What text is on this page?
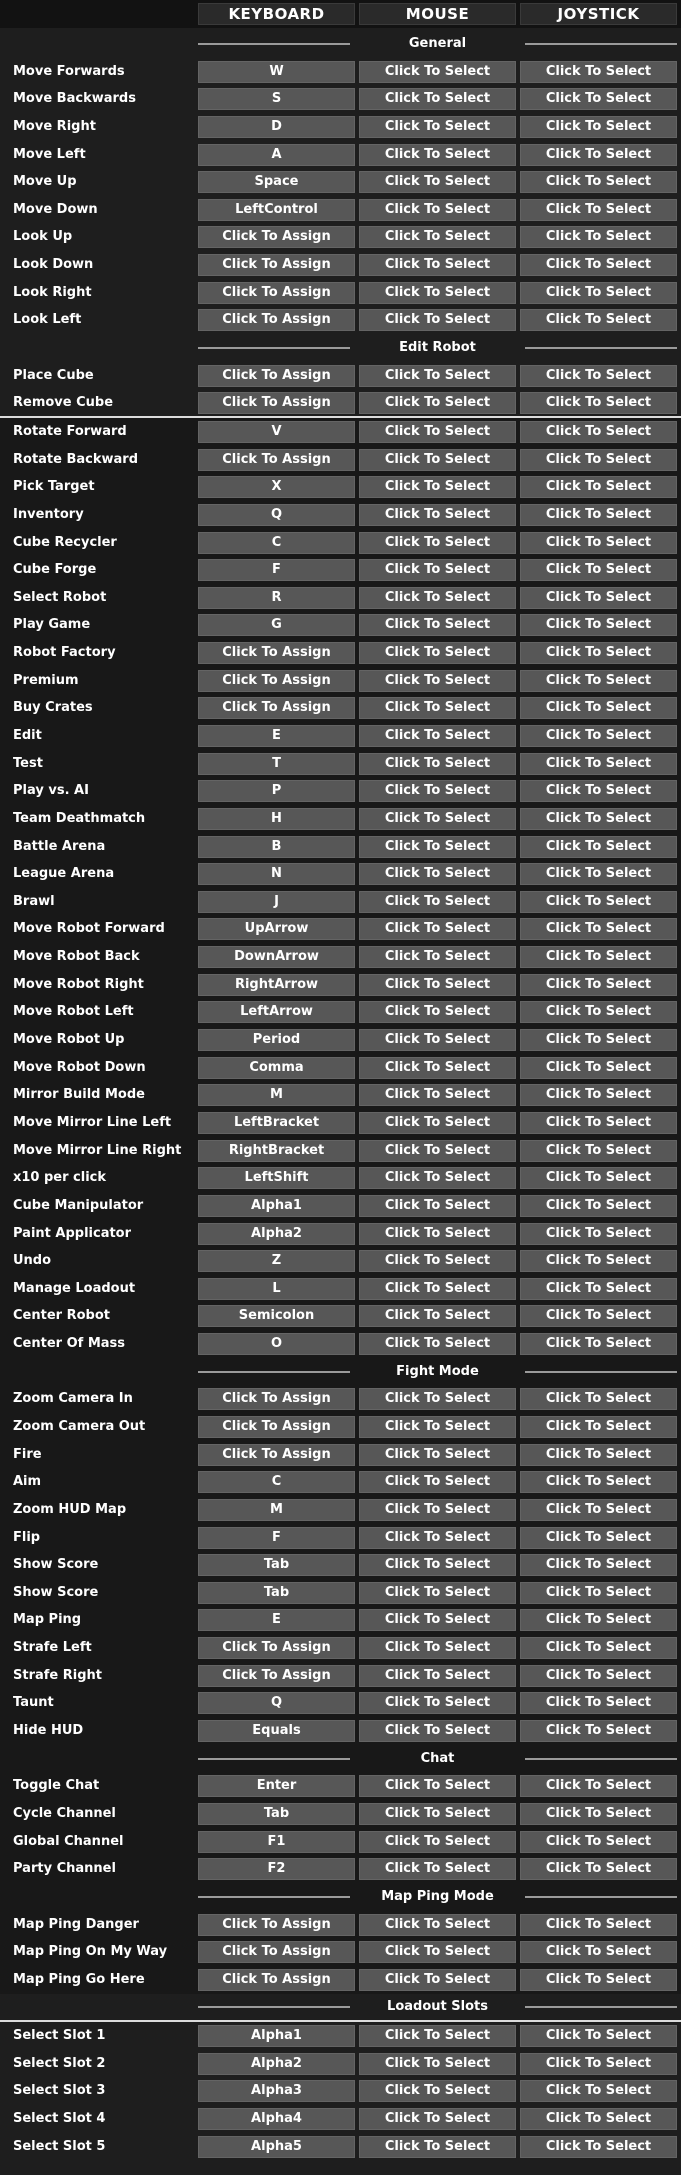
KEYBOARD	MOUSE	JOYSTICK
General
Move Forwards	W	Click To Select	Click To Select
Move Backwards	S	Click To Select	Click To Select
Move Right	D	Click To Select	Click To Select
Move Left	A	Click To Select	Click To Select
Move Up	Space	Click To Select	Click To Select
Move Down	LeftControl	Click To Select	Click To Select
Look Up	Click To Assign	Click To Select	Click To Select
Look Down	Click To Assign	Click To Select	Click To Select
Look Right	Click To Assign	Click To Select	Click To Select
Look Left	Click To Assign	Click To Select	Click To Select
Edit Robot
Place Cube	Click To Assign	Click To Select	Click To Select
Remove Cube	Click To Assign	Click To Select	Click To Select
Rotate Forward	V	Click To Select	Click To Select
Rotate Backward	Click To Assign	Click To Select	Click To Select
Pick Target	X	Click To Select	Click To Select
Inventory	Q	Click To Select	Click To Select
Cube Recycler	C	Click To Select	Click To Select
Cube Forge	F	Click To Select	Click To Select
Select Robot	R	Click To Select	Click To Select
Play Game	G	Click To Select	Click To Select
Robot Factory	Click To Assign	Click To Select	Click To Select
Premium	Click To Assign	Click To Select	Click To Select
Buy Crates	Click To Assign	Click To Select	Click To Select
Edit	E	Click To Select	Click To Select
Test	T	Click To Select	Click To Select
Play vs. AI	P	Click To Select	Click To Select
Team Deathmatch	H	Click To Select	Click To Select
Battle Arena	B	Click To Select	Click To Select
League Arena	N	Click To Select	Click To Select
Brawl	J	Click To Select	Click To Select
Move Robot Forward	UpArrow	Click To Select	Click To Select
Move Robot Back	DownArrow	Click To Select	Click To Select
Move Robot Right	RightArrow	Click To Select	Click To Select
Move Robot Left	LeftArrow	Click To Select	Click To Select
Move Robot Up	Period	Click To Select	Click To Select
Move Robot Down	Comma	Click To Select	Click To Select
Mirror Build Mode	M	Click To Select	Click To Select
Move Mirror Line Left	LeftBracket	Click To Select	Click To Select
Move Mirror Line Right	RightBracket	Click To Select	Click To Select
x10 per click	LeftShift	Click To Select	Click To Select
Cube Manipulator	Alpha1	Click To Select	Click To Select
Paint Applicator	Alpha2	Click To Select	Click To Select
Undo	Z	Click To Select	Click To Select
Manage Loadout	L	Click To Select	Click To Select
Center Robot	Semicolon	Click To Select	Click To Select
Center Of Mass	O	Click To Select	Click To Select
Fight Mode
Zoom Camera In	Click To Assign	Click To Select	Click To Select
Zoom Camera Out	Click To Assign	Click To Select	Click To Select
Fire	Click To Assign	Click To Select	Click To Select
Aim	C	Click To Select	Click To Select
Zoom HUD Map	M	Click To Select	Click To Select
Flip	F	Click To Select	Click To Select
Show Score	Tab	Click To Select	Click To Select
Show Score	Tab	Click To Select	Click To Select
Map Ping	E	Click To Select	Click To Select
Strafe Left	Click To Assign	Click To Select	Click To Select
Strafe Right	Click To Assign	Click To Select	Click To Select
Taunt	Q	Click To Select	Click To Select
Hide HUD	Equals	Click To Select	Click To Select
Chat
Toggle Chat	Enter	Click To Select	Click To Select
Cycle Channel	Tab	Click To Select	Click To Select
Global Channel	F1	Click To Select	Click To Select
Party Channel	F2	Click To Select	Click To Select
Map Ping Mode
Map Ping Danger	Click To Assign	Click To Select	Click To Select
Map Ping On My Way	Click To Assign	Click To Select	Click To Select
Map Ping Go Here	Click To Assign	Click To Select	Click To Select
Loadout Slots
Select Slot 1	Alpha1	Click To Select	Click To Select
Select Slot 2	Alpha2	Click To Select	Click To Select
Select Slot 3	Alpha3	Click To Select	Click To Select
Select Slot 4	Alpha4	Click To Select	Click To Select
Select Slot 5	Alpha5	Click To Select	Click To Select
